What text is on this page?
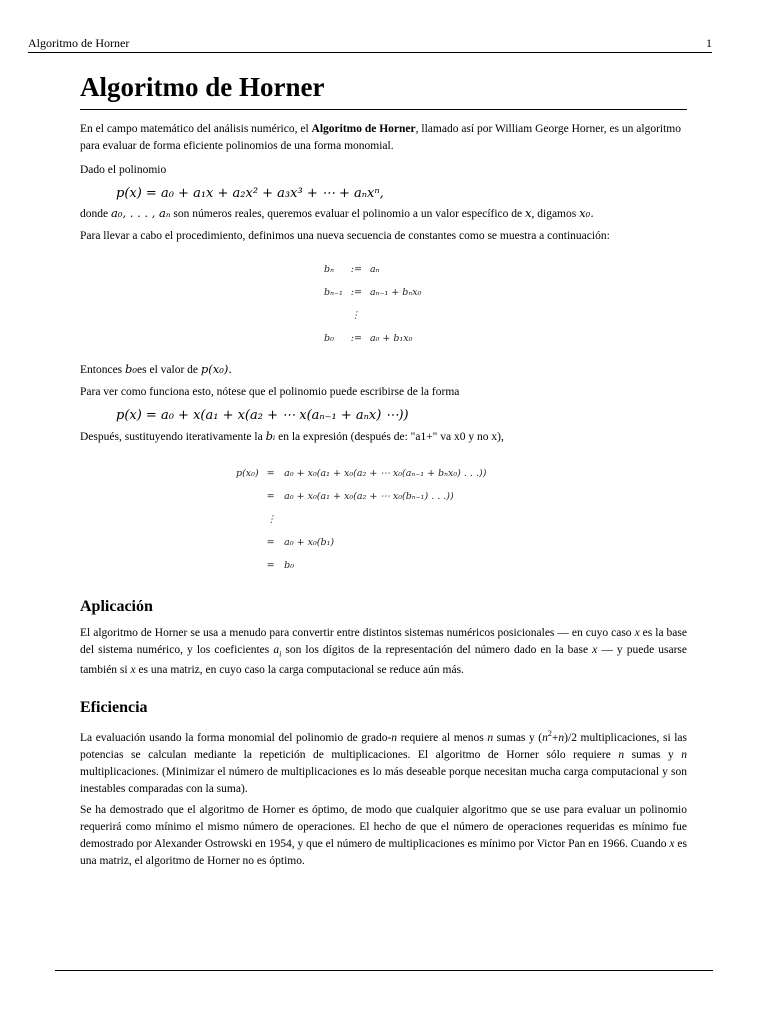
Algoritmo de Horner	1
Algoritmo de Horner

En el campo matemático del análisis numérico, el Algoritmo de Horner, llamado así por William George Horner, es un algoritmo para evaluar de forma eficiente polinomios de una forma monomial.

Dado el polinomio

p(x) = a₀ + a₁x + a₂x² + a₃x³ + ⋯ + aₙxⁿ,

donde a₀, . . . , aₙ son números reales, queremos evaluar el polinomio a un valor específico de x, digamos x₀.

Para llevar a cabo el procedimiento, definimos una nueva secuencia de constantes como se muestra a continuación:

bₙ	:=	aₙ
bₙ₋₁	:=	aₙ₋₁ + bₙx₀
	⋮	
b₀	:=	a₀ + b₁x₀

Entonces b₀es el valor de p(x₀).

Para ver como funciona esto, nótese que el polinomio puede escribirse de la forma

p(x) = a₀ + x(a₁ + x(a₂ + ⋯ x(aₙ₋₁ + aₙx) ⋯))

Después, sustituyendo iterativamente la bᵢ en la expresión (después de: "a1+" va x0 y no x),

p(x₀)	=	a₀ + x₀(a₁ + x₀(a₂ + ⋯ x₀(aₙ₋₁ + bₙx₀) . . .))
	=	a₀ + x₀(a₁ + x₀(a₂ + ⋯ x₀(bₙ₋₁) . . .))
	⋮	
	=	a₀ + x₀(b₁)
	=	b₀
Aplicación

El algoritmo de Horner se usa a menudo para convertir entre distintos sistemas numéricos posicionales — en cuyo caso x es la base del sistema numérico, y los coeficientes $a_i$ son los dígitos de la representación del número dado en la base x — y puede usarse también si x es una matriz, en cuyo caso la carga computacional se reduce aún más.

Eficiencia

La evaluación usando la forma monomial del polinomio de grado-n requiere al menos n sumas y $(n^2+n)/2$ multiplicaciones, si las potencias se calculan mediante la repetición de multiplicaciones. El algoritmo de Horner sólo requiere n sumas y n multiplicaciones. (Minimizar el número de multiplicaciones es lo más deseable porque necesitan mucha carga computacional y son inestables comparadas con la suma).

Se ha demostrado que el algoritmo de Horner es óptimo, de modo que cualquier algoritmo que se use para evaluar un polinomio requerirá como mínimo el mismo número de operaciones. El hecho de que el número de operaciones requeridas es mínimo fue demostrado por Alexander Ostrowski en 1954, y que el número de multiplicaciones es mínimo por Victor Pan en 1966. Cuando x es una matriz, el algoritmo de Horner no es óptimo.
